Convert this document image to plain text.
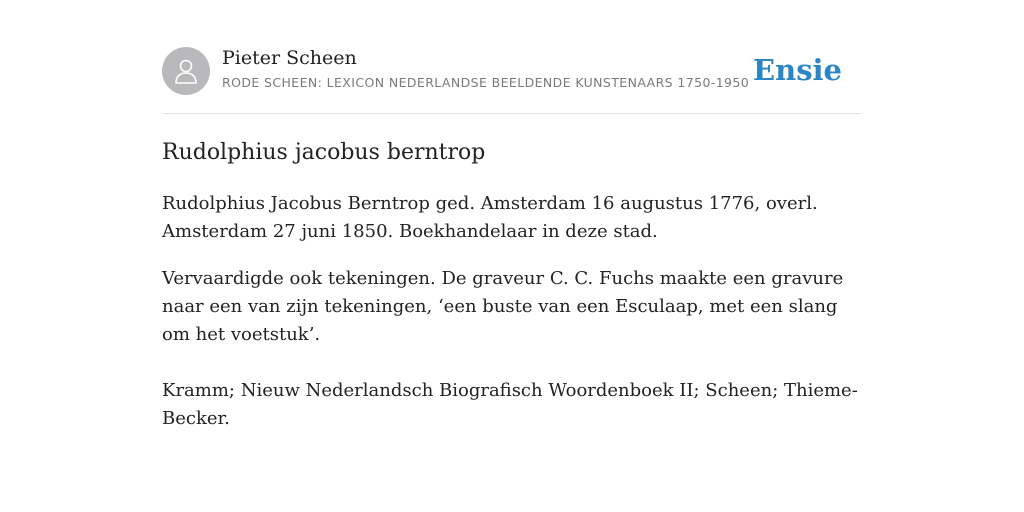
Pieter Scheen
RODE SCHEEN: LEXICON NEDERLANDSE BEELDENDE KUNSTENAARS 1750-1950 Ensie
Rudolphius jacobus berntrop

Rudolphius Jacobus Berntrop ged. Amsterdam 16 augustus 1776, overl. Amsterdam 27 juni 1850. Boekhandelaar in deze stad.

Vervaardigde ook tekeningen. De graveur C. C. Fuchs maakte een gravure naar een van zijn tekeningen, ‘een buste van een Esculaap, met een slang om het voetstuk’.

Kramm; Nieuw Nederlandsch Biografisch Woordenboek II; Scheen; Thieme-Becker.
